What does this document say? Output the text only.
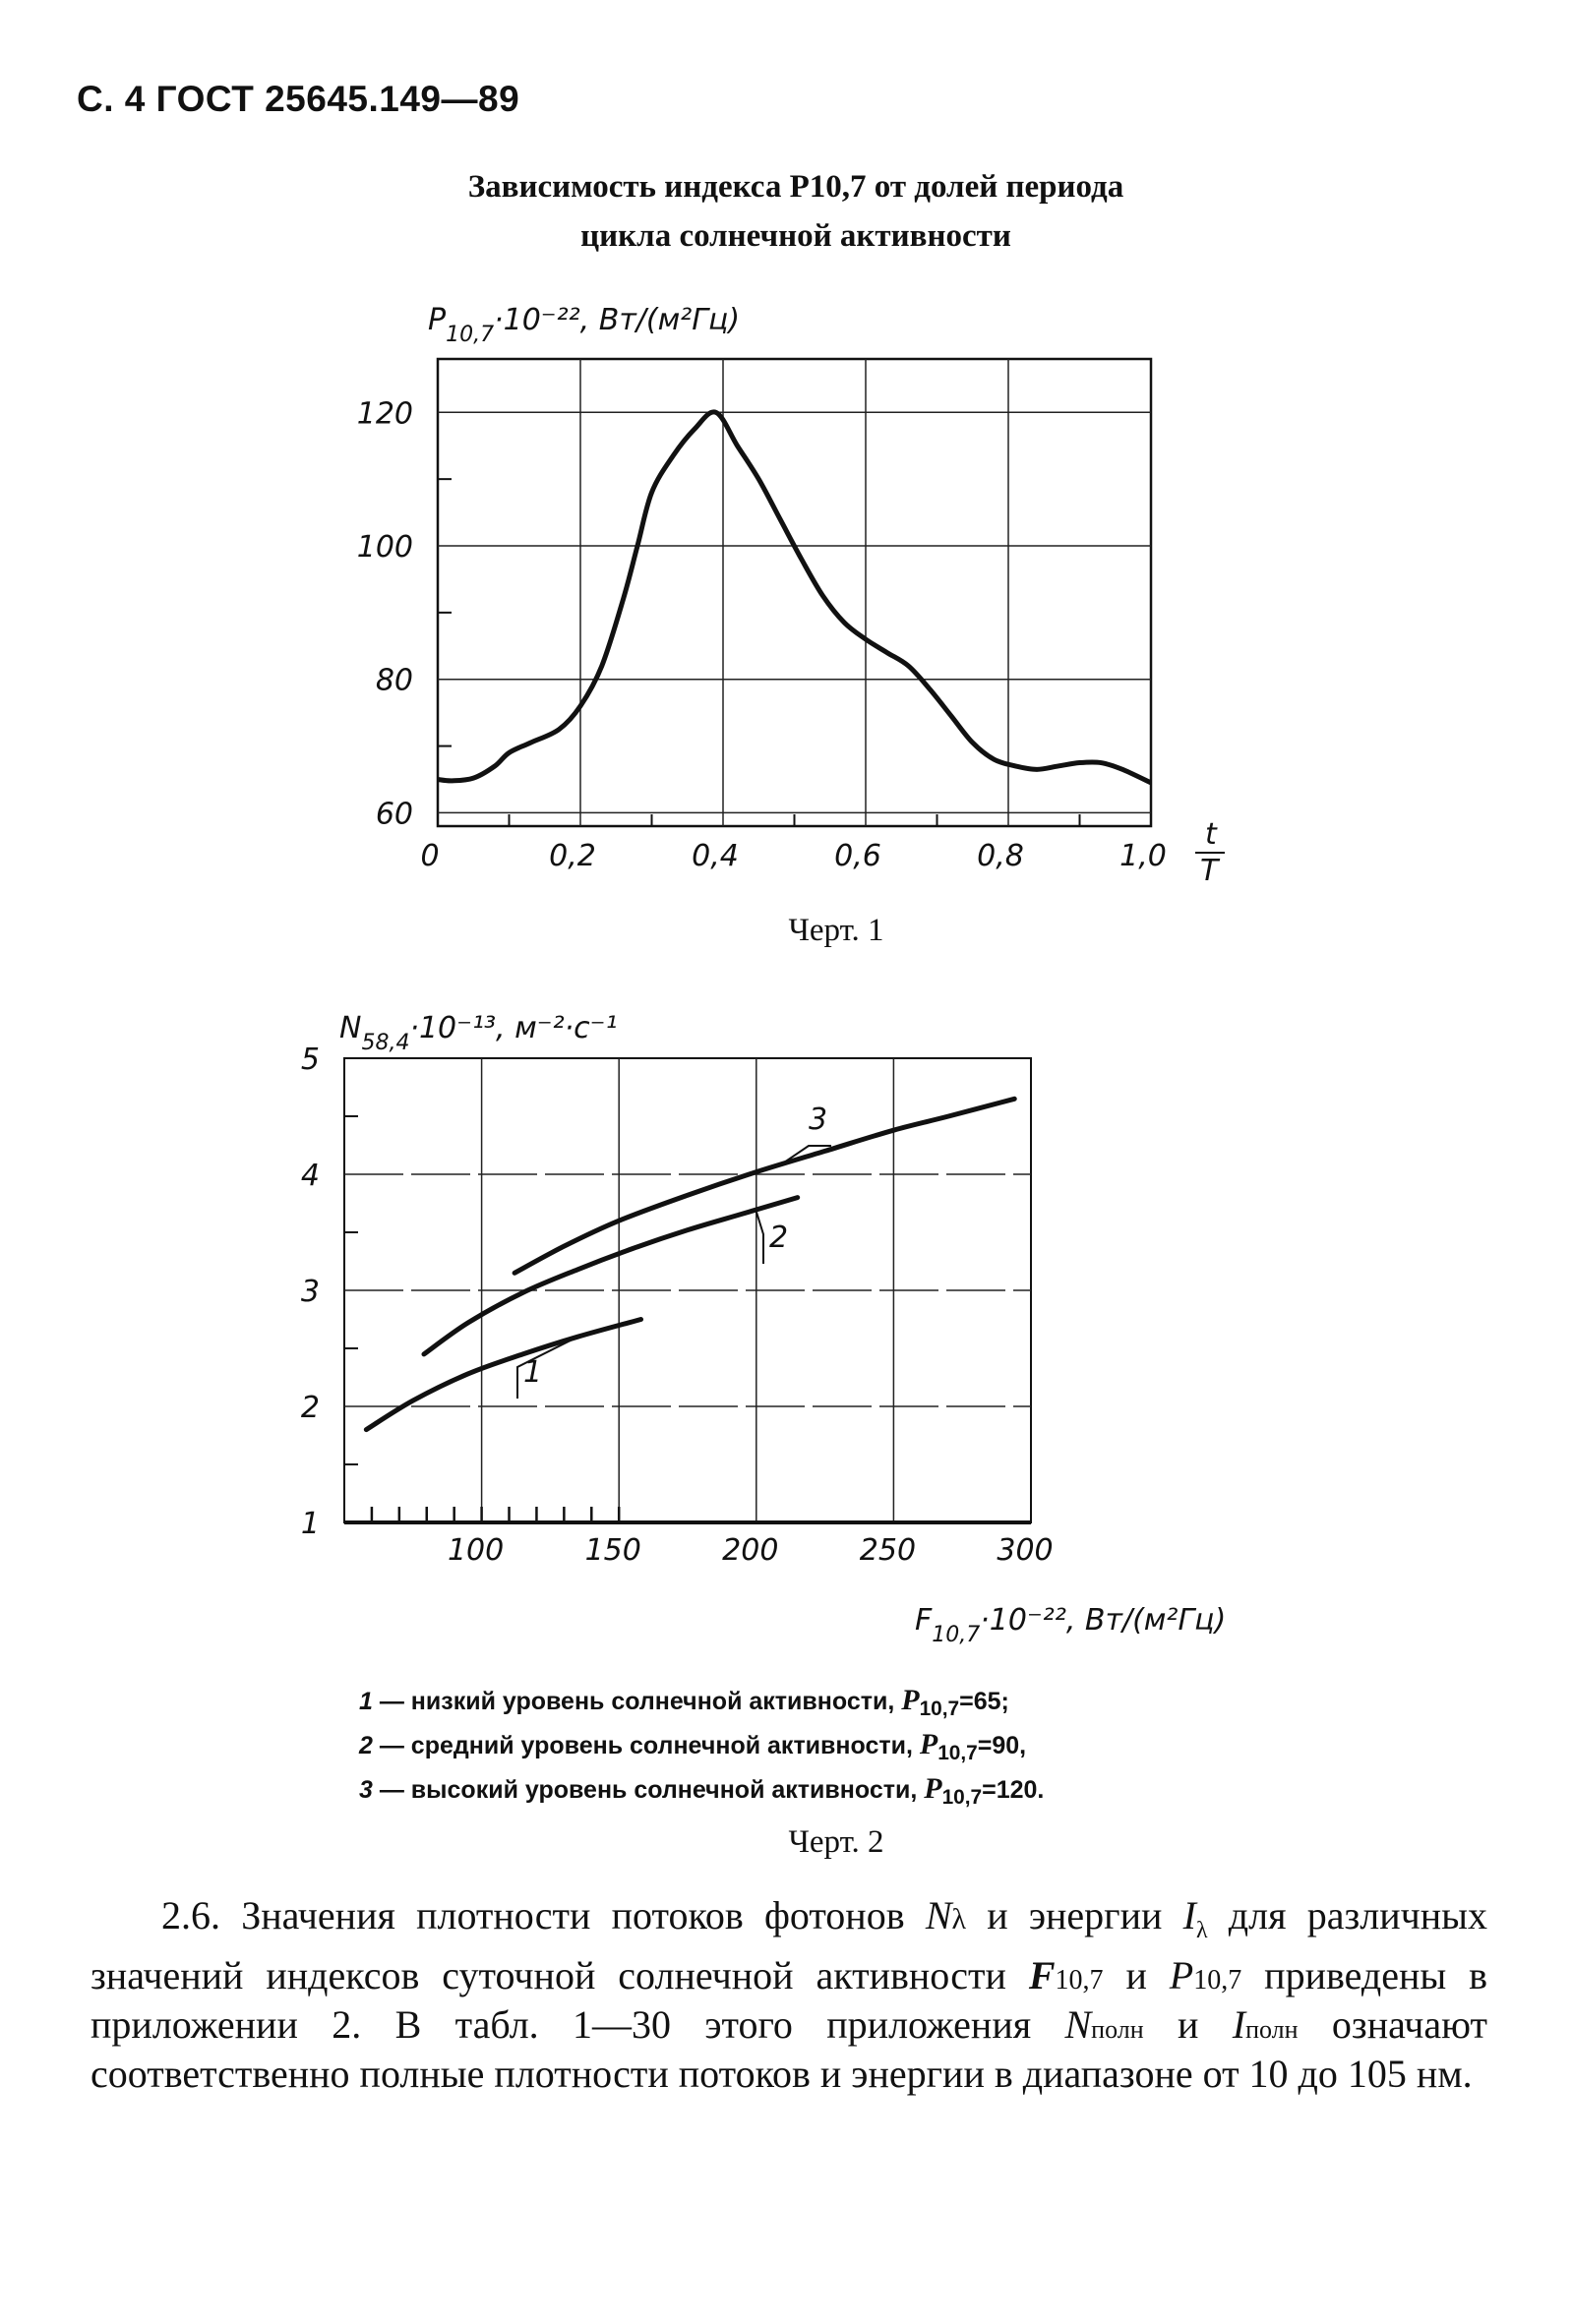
С. 4 ГОСТ 25645.149—89
Зависимость индекса P10,7 от долей периода
цикла солнечной активности
$P_{10,7}\cdot 10^{-22}$, Вт/(м²Гц)
t
T
60
80
100
120
0	0,2	0,4	0,6	0,8	1,0
Черт. 1
$N_{58,4}\cdot 10^{-13}$, м⁻²·с⁻¹
$F_{10,7}\cdot 10^{-22}$, Вт/(м²Гц)
1
2
3
4
5
100	150	200	250	300
1
2
3
1 — низкий уровень солнечной активности, $P_{10,7}=65$;
2 — средний уровень солнечной активности, $P_{10,7}=90$,
3 — высокий уровень солнечной активности, $P_{10,7}=120$.
Черт. 2

2.6. Значения плотности потоков фотонов Nλ и энергии $I_\lambda$ для различных значений индексов суточной солнечной активности F10,7 и P10,7 приведены в приложении 2. В табл. 1—30 этого приложения Nполн и Iполн означают соответственно полные плотности потоков и энергии в диапазоне от 10 до 105 нм.
